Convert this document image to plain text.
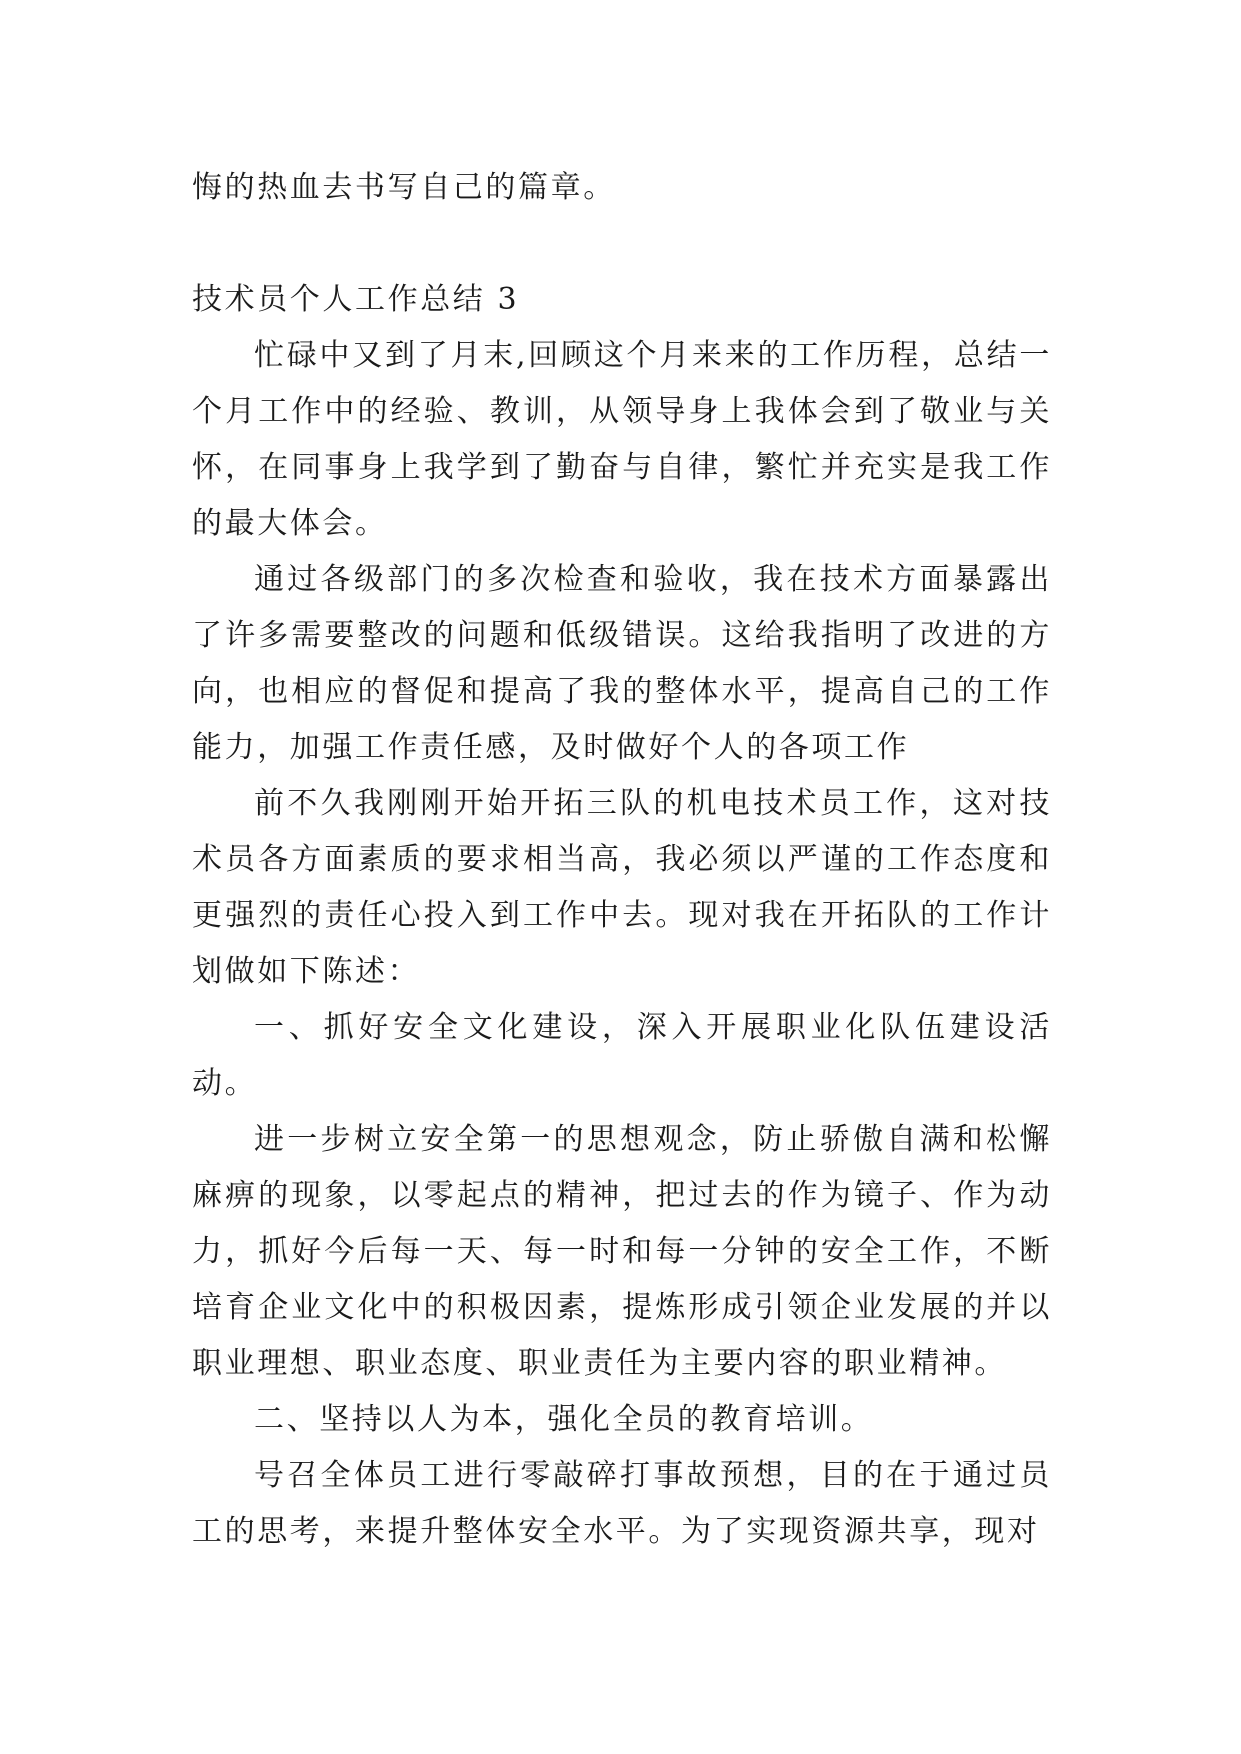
悔的热血去书写自己的篇章。

技术员个人工作总结 3

忙碌中又到了月末,回顾这个月来来的工作历程，总结一个月工作中的经验、教训，从领导身上我体会到了敬业与关怀，在同事身上我学到了勤奋与自律，繁忙并充实是我工作的最大体会。

通过各级部门的多次检查和验收，我在技术方面暴露出了许多需要整改的问题和低级错误。这给我指明了改进的方向，也相应的督促和提高了我的整体水平，提高自己的工作能力，加强工作责任感，及时做好个人的各项工作

前不久我刚刚开始开拓三队的机电技术员工作，这对技术员各方面素质的要求相当高，我必须以严谨的工作态度和更强烈的责任心投入到工作中去。现对我在开拓队的工作计划做如下陈述：

一、抓好安全文化建设，深入开展职业化队伍建设活动。

进一步树立安全第一的思想观念，防止骄傲自满和松懈麻痹的现象，以零起点的精神，把过去的作为镜子、作为动力，抓好今后每一天、每一时和每一分钟的安全工作，不断培育企业文化中的积极因素，提炼形成引领企业发展的并以职业理想、职业态度、职业责任为主要内容的职业精神。

二、坚持以人为本，强化全员的教育培训。

号召全体员工进行零敲碎打事故预想，目的在于通过员工的思考，来提升整体安全水平。为了实现资源共享，现对
